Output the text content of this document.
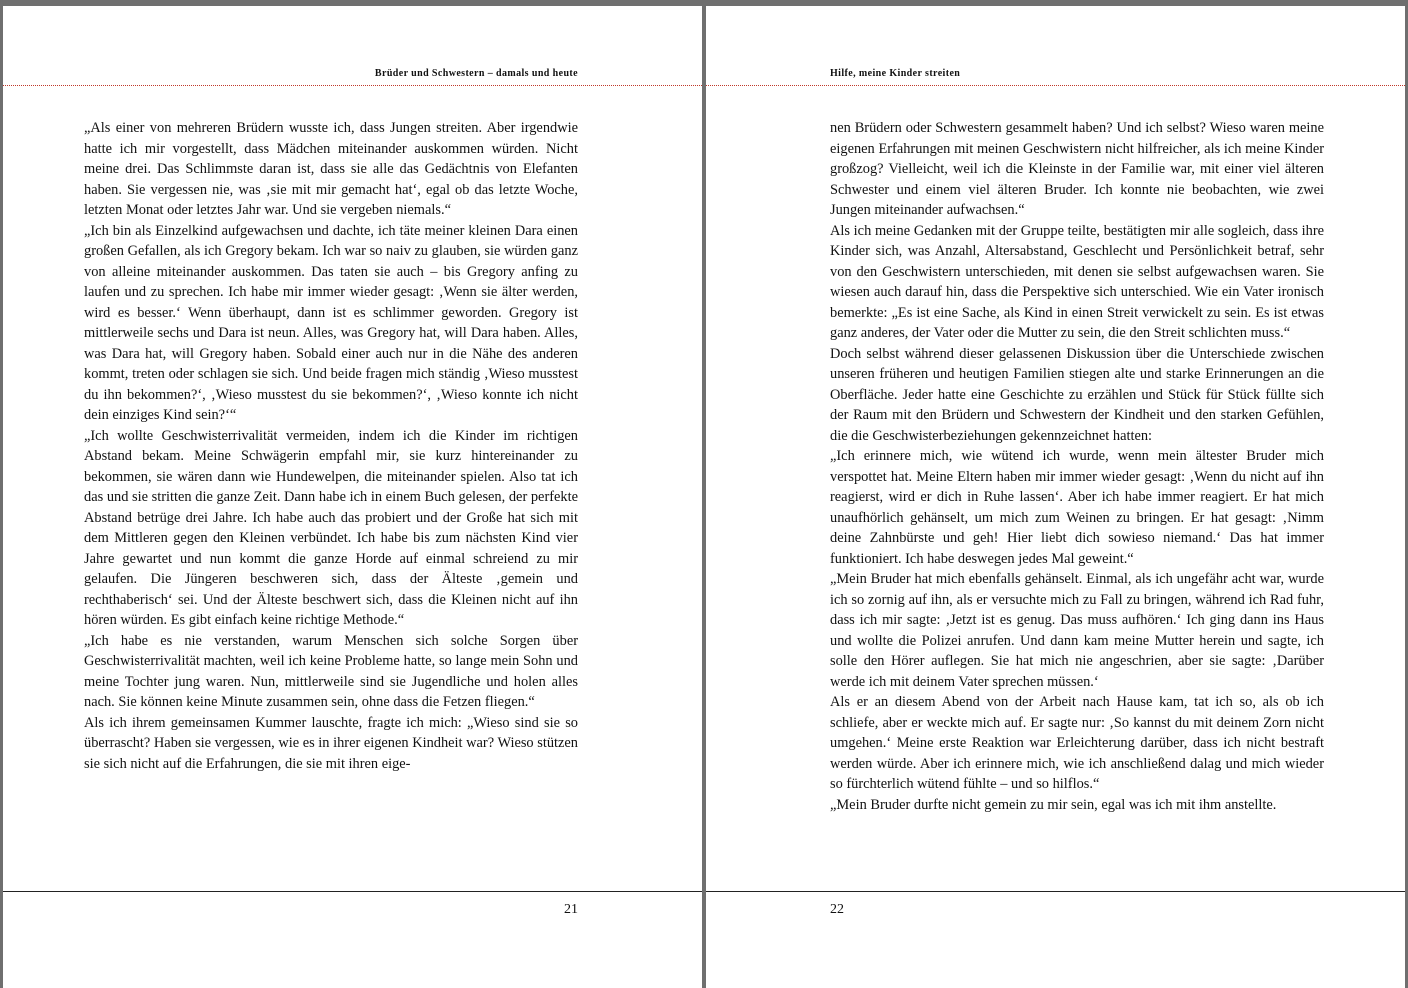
Brüder und Schwestern – damals und heute

„Als einer von mehreren Brüdern wusste ich, dass Jungen streiten. Aber irgendwie hatte ich mir vorgestellt, dass Mädchen miteinander auskommen würden. Nicht meine drei. Das Schlimmste daran ist, dass sie alle das Gedächtnis von Elefanten haben. Sie vergessen nie, was ‚sie mit mir gemacht hat‘, egal ob das letzte Woche, letzten Monat oder letztes Jahr war. Und sie vergeben niemals.“

„Ich bin als Einzelkind aufgewachsen und dachte, ich täte meiner kleinen Dara einen großen Gefallen, als ich Gregory bekam. Ich war so naiv zu glauben, sie würden ganz von alleine miteinander auskommen. Das taten sie auch – bis Gregory anfing zu laufen und zu sprechen. Ich habe mir immer wieder gesagt: ‚Wenn sie älter werden, wird es besser.‘ Wenn überhaupt, dann ist es schlimmer geworden. Gregory ist mittlerweile sechs und Dara ist neun. Alles, was Gregory hat, will Dara haben. Alles, was Dara hat, will Gregory haben. Sobald einer auch nur in die Nähe des anderen kommt, treten oder schlagen sie sich. Und beide fragen mich ständig ‚Wieso musstest du ihn bekommen?‘, ‚Wieso musstest du sie bekommen?‘, ‚Wieso konnte ich nicht dein einziges Kind sein?‘“

„Ich wollte Geschwisterrivalität vermeiden, indem ich die Kinder im richtigen Abstand bekam. Meine Schwägerin empfahl mir, sie kurz hintereinander zu bekommen, sie wären dann wie Hundewelpen, die miteinander spielen. Also tat ich das und sie stritten die ganze Zeit. Dann habe ich in einem Buch gelesen, der perfekte Abstand betrüge drei Jahre. Ich habe auch das probiert und der Große hat sich mit dem Mittleren gegen den Kleinen verbündet. Ich habe bis zum nächsten Kind vier Jahre gewartet und nun kommt die ganze Horde auf einmal schreiend zu mir gelaufen. Die Jüngeren beschweren sich, dass der Älteste ‚gemein und rechthaberisch‘ sei. Und der Älteste beschwert sich, dass die Kleinen nicht auf ihn hören würden. Es gibt einfach keine richtige Methode.“

„Ich habe es nie verstanden, warum Menschen sich solche Sorgen über Geschwisterrivalität machten, weil ich keine Probleme hatte, so lange mein Sohn und meine Tochter jung waren. Nun, mittlerweile sind sie Jugendliche und holen alles nach. Sie können keine Minute zusammen sein, ohne dass die Fetzen fliegen.“

Als ich ihrem gemeinsamen Kummer lauschte, fragte ich mich: „Wieso sind sie so überrascht? Haben sie vergessen, wie es in ihrer eigenen Kindheit war? Wieso stützen sie sich nicht auf die Erfahrungen, die sie mit ihren eige-

21
Hilfe, meine Kinder streiten

nen Brüdern oder Schwestern gesammelt haben? Und ich selbst? Wieso waren meine eigenen Erfahrungen mit meinen Geschwistern nicht hilfreicher, als ich meine Kinder großzog? Vielleicht, weil ich die Kleinste in der Familie war, mit einer viel älteren Schwester und einem viel älteren Bruder. Ich konnte nie beobachten, wie zwei Jungen miteinander aufwachsen.“

Als ich meine Gedanken mit der Gruppe teilte, bestätigten mir alle sogleich, dass ihre Kinder sich, was Anzahl, Altersabstand, Geschlecht und Persönlichkeit betraf, sehr von den Geschwistern unterschieden, mit denen sie selbst aufgewachsen waren. Sie wiesen auch darauf hin, dass die Perspektive sich unterschied. Wie ein Vater ironisch bemerkte: „Es ist eine Sache, als Kind in einen Streit verwickelt zu sein. Es ist etwas ganz anderes, der Vater oder die Mutter zu sein, die den Streit schlichten muss.“

Doch selbst während dieser gelassenen Diskussion über die Unterschiede zwischen unseren früheren und heutigen Familien stiegen alte und starke Erinnerungen an die Oberfläche. Jeder hatte eine Geschichte zu erzählen und Stück für Stück füllte sich der Raum mit den Brüdern und Schwestern der Kindheit und den starken Gefühlen, die die Geschwisterbeziehungen gekennzeichnet hatten:

„Ich erinnere mich, wie wütend ich wurde, wenn mein ältester Bruder mich verspottet hat. Meine Eltern haben mir immer wieder gesagt: ‚Wenn du nicht auf ihn reagierst, wird er dich in Ruhe lassen‘. Aber ich habe immer reagiert. Er hat mich unaufhörlich gehänselt, um mich zum Weinen zu bringen. Er hat gesagt: ‚Nimm deine Zahnbürste und geh! Hier liebt dich sowieso niemand.‘ Das hat immer funktioniert. Ich habe deswegen jedes Mal geweint.“

„Mein Bruder hat mich ebenfalls gehänselt. Einmal, als ich ungefähr acht war, wurde ich so zornig auf ihn, als er versuchte mich zu Fall zu bringen, während ich Rad fuhr, dass ich mir sagte: ‚Jetzt ist es genug. Das muss aufhören.‘ Ich ging dann ins Haus und wollte die Polizei anrufen. Und dann kam meine Mutter herein und sagte, ich solle den Hörer auflegen. Sie hat mich nie angeschrien, aber sie sagte: ‚Darüber werde ich mit deinem Vater sprechen müssen.‘

Als er an diesem Abend von der Arbeit nach Hause kam, tat ich so, als ob ich schliefe, aber er weckte mich auf. Er sagte nur: ‚So kannst du mit deinem Zorn nicht umgehen.‘ Meine erste Reaktion war Erleichterung darüber, dass ich nicht bestraft werden würde. Aber ich erinnere mich, wie ich anschließend dalag und mich wieder so fürchterlich wütend fühlte – und so hilflos.“

„Mein Bruder durfte nicht gemein zu mir sein, egal was ich mit ihm anstellte.

22
